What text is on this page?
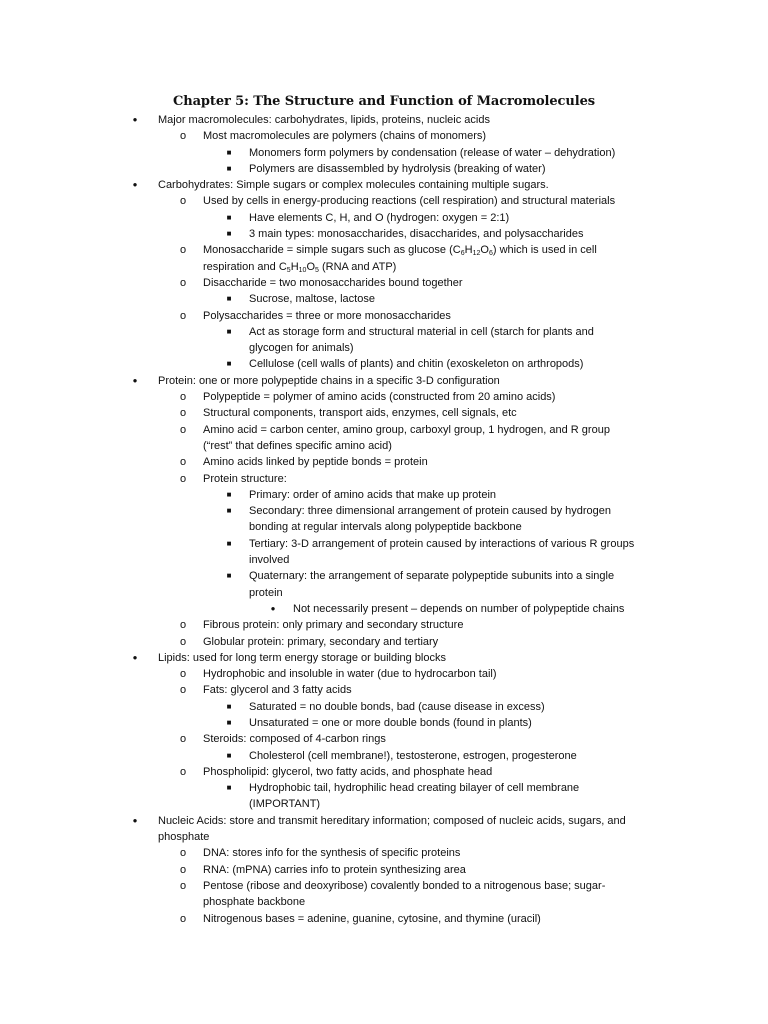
Chapter 5: The Structure and Function of Macromolecules
●	Major macromolecules: carbohydrates, lipids, proteins, nucleic acids
o	Most macromolecules are polymers (chains of monomers)
■	Monomers form polymers by condensation (release of water – dehydration)
■	Polymers are disassembled by hydrolysis (breaking of water)
●	Carbohydrates: Simple sugars or complex molecules containing multiple sugars.
o	Used by cells in energy-producing reactions (cell respiration) and structural materials
■	Have elements C, H, and O (hydrogen: oxygen = 2:1)
■	3 main types: monosaccharides, disaccharides, and polysaccharides
o	Monosaccharide = simple sugars such as glucose $(C_6H_{12}O_6)$ which is used in cell
respiration and $C_5H_{10}O_5$ (RNA and ATP)
o	Disaccharide = two monosaccharides bound together
■	Sucrose, maltose, lactose
o	Polysaccharides = three or more monosaccharides
■	Act as storage form and structural material in cell (starch for plants and
glycogen for animals)
■	Cellulose (cell walls of plants) and chitin (exoskeleton on arthropods)
●	Protein: one or more polypeptide chains in a specific 3-D configuration
o	Polypeptide = polymer of amino acids (constructed from 20 amino acids)
o	Structural components, transport aids, enzymes, cell signals, etc
o	Amino acid = carbon center, amino group, carboxyl group, 1 hydrogen, and R group
(“rest” that defines specific amino acid)
o	Amino acids linked by peptide bonds = protein
o	Protein structure:
■	Primary: order of amino acids that make up protein
■	Secondary: three dimensional arrangement of protein caused by hydrogen
bonding at regular intervals along polypeptide backbone
■	Tertiary: 3-D arrangement of protein caused by interactions of various R groups
involved
■	Quaternary: the arrangement of separate polypeptide subunits into a single
protein
●	Not necessarily present – depends on number of polypeptide chains
o	Fibrous protein: only primary and secondary structure
o	Globular protein: primary, secondary and tertiary
●	Lipids: used for long term energy storage or building blocks
o	Hydrophobic and insoluble in water (due to hydrocarbon tail)
o	Fats: glycerol and 3 fatty acids
■	Saturated = no double bonds, bad (cause disease in excess)
■	Unsaturated = one or more double bonds (found in plants)
o	Steroids: composed of 4-carbon rings
■	Cholesterol (cell membrane!), testosterone, estrogen, progesterone
o	Phospholipid: glycerol, two fatty acids, and phosphate head
■	Hydrophobic tail, hydrophilic head creating bilayer of cell membrane
(IMPORTANT)
●	Nucleic Acids: store and transmit hereditary information; composed of nucleic acids, sugars, and
phosphate
o	DNA: stores info for the synthesis of specific proteins
o	RNA: (mPNA) carries info to protein synthesizing area
o	Pentose (ribose and deoxyribose) covalently bonded to a nitrogenous base; sugar-
phosphate backbone
o	Nitrogenous bases = adenine, guanine, cytosine, and thymine (uracil)
